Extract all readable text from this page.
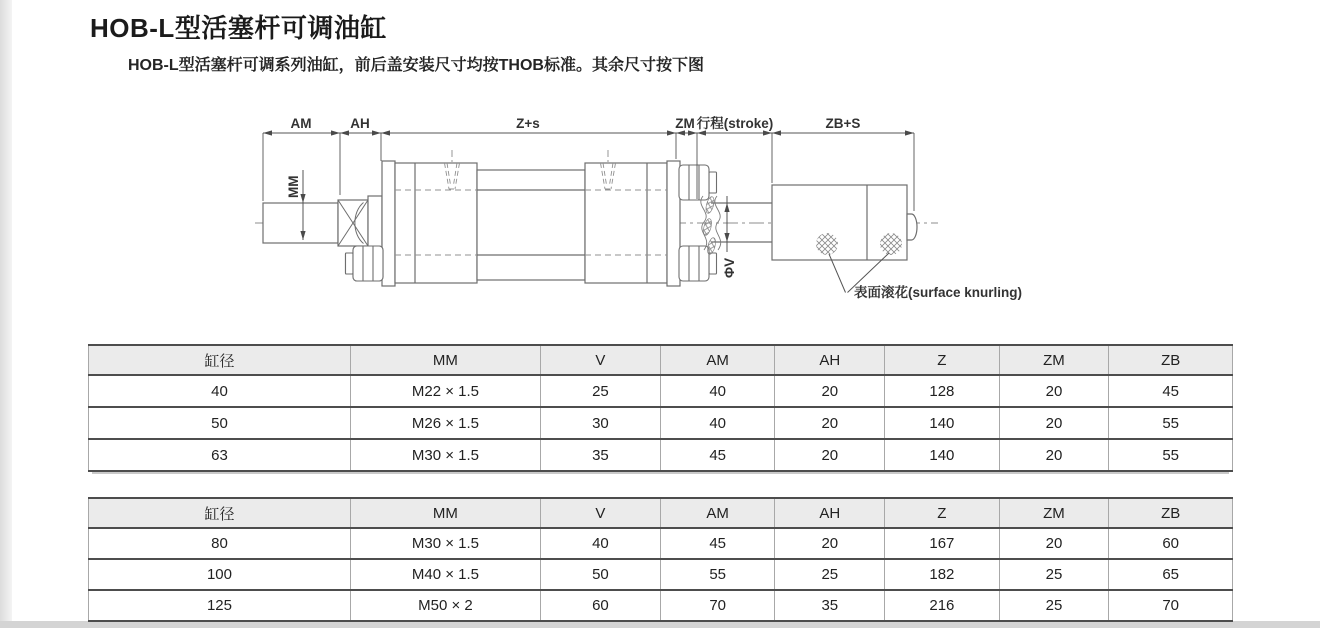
HOB-L型活塞杆可调油缸

HOB-L型活塞杆可调系列油缸，前后盖安装尺寸均按THOB标准。其余尺寸按下图

AM	AH	Z+s	ZM 行程(stroke)	ZB+S
MM
ΦV
表面滚花(surface knurling)
缸径	MM	V	AM	AH	Z	ZM	ZB
40	M22 × 1.5	25	40	20	128	20	45
50	M26 × 1.5	30	40	20	140	20	55
63	M30 × 1.5	35	45	20	140	20	55
缸径	MM	V	AM	AH	Z	ZM	ZB
80	M30 × 1.5	40	45	20	167	20	60
100	M40 × 1.5	50	55	25	182	25	65
125	M50 × 2	60	70	35	216	25	70
